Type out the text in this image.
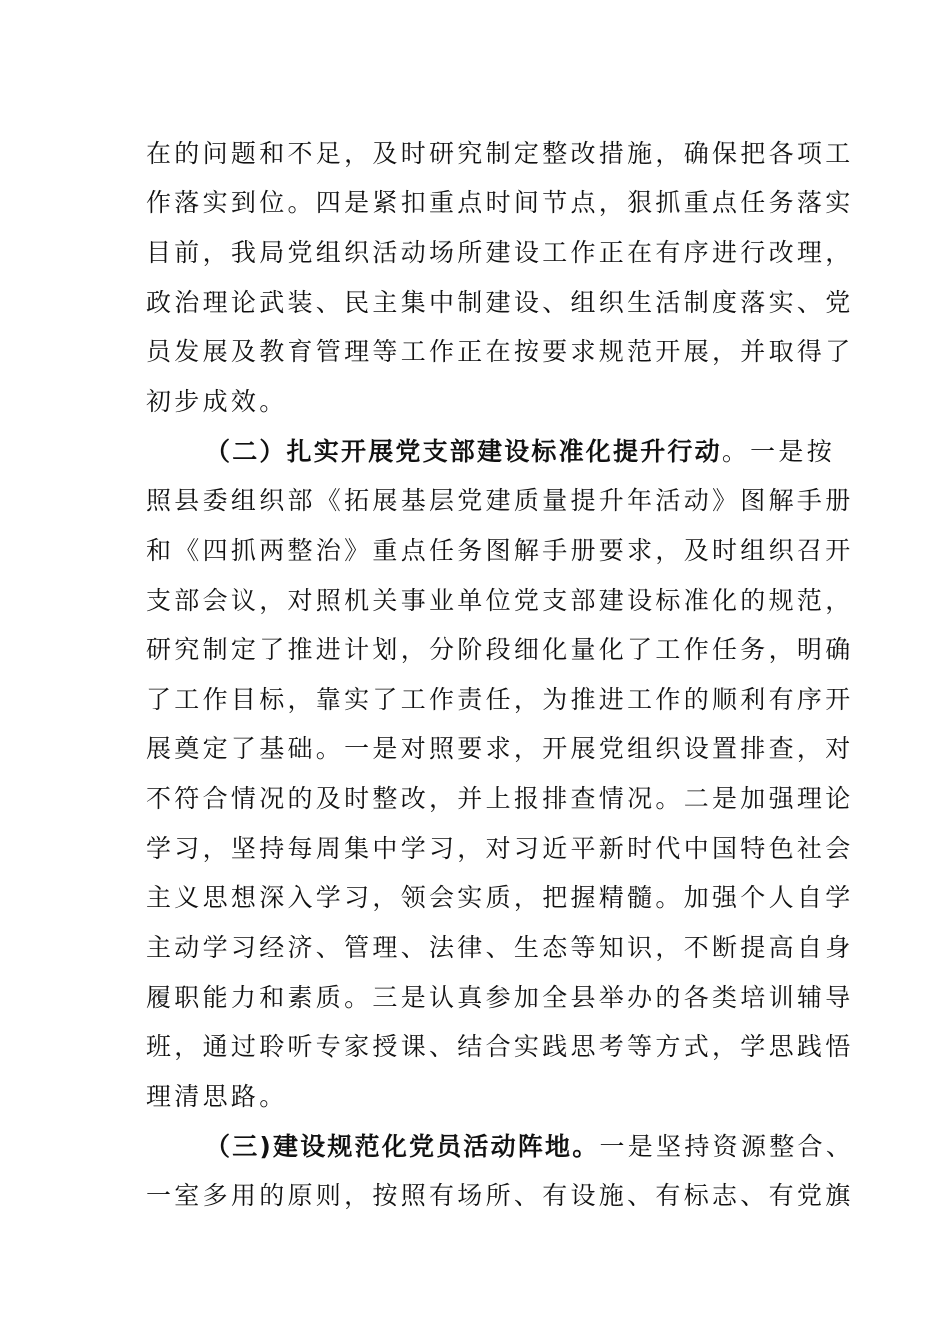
在的问题和不足，及时研究制定整改措施，确保把各项工
作落实到位。四是紧扣重点时间节点，狠抓重点任务落实
目前，我局党组织活动场所建设工作正在有序进行改理，
政治理论武装、民主集中制建设、组织生活制度落实、党
员发展及教育管理等工作正在按要求规范开展，并取得了
初步成效。
（二）扎实开展党支部建设标准化提升行动。一是按
照县委组织部《拓展基层党建质量提升年活动》图解手册
和《四抓两整治》重点任务图解手册要求，及时组织召开
支部会议，对照机关事业单位党支部建设标准化的规范，
研究制定了推进计划，分阶段细化量化了工作任务，明确
了工作目标，靠实了工作责任，为推进工作的顺利有序开
展奠定了基础。一是对照要求，开展党组织设置排查，对
不符合情况的及时整改，并上报排查情况。二是加强理论
学习，坚持每周集中学习，对习近平新时代中国特色社会
主义思想深入学习，领会实质，把握精髓。加强个人自学
主动学习经济、管理、法律、生态等知识，不断提高自身
履职能力和素质。三是认真参加全县举办的各类培训辅导
班，通过聆听专家授课、结合实践思考等方式，学思践悟
理清思路。
（三)建设规范化党员活动阵地。一是坚持资源整合、
一室多用的原则，按照有场所、有设施、有标志、有党旗
